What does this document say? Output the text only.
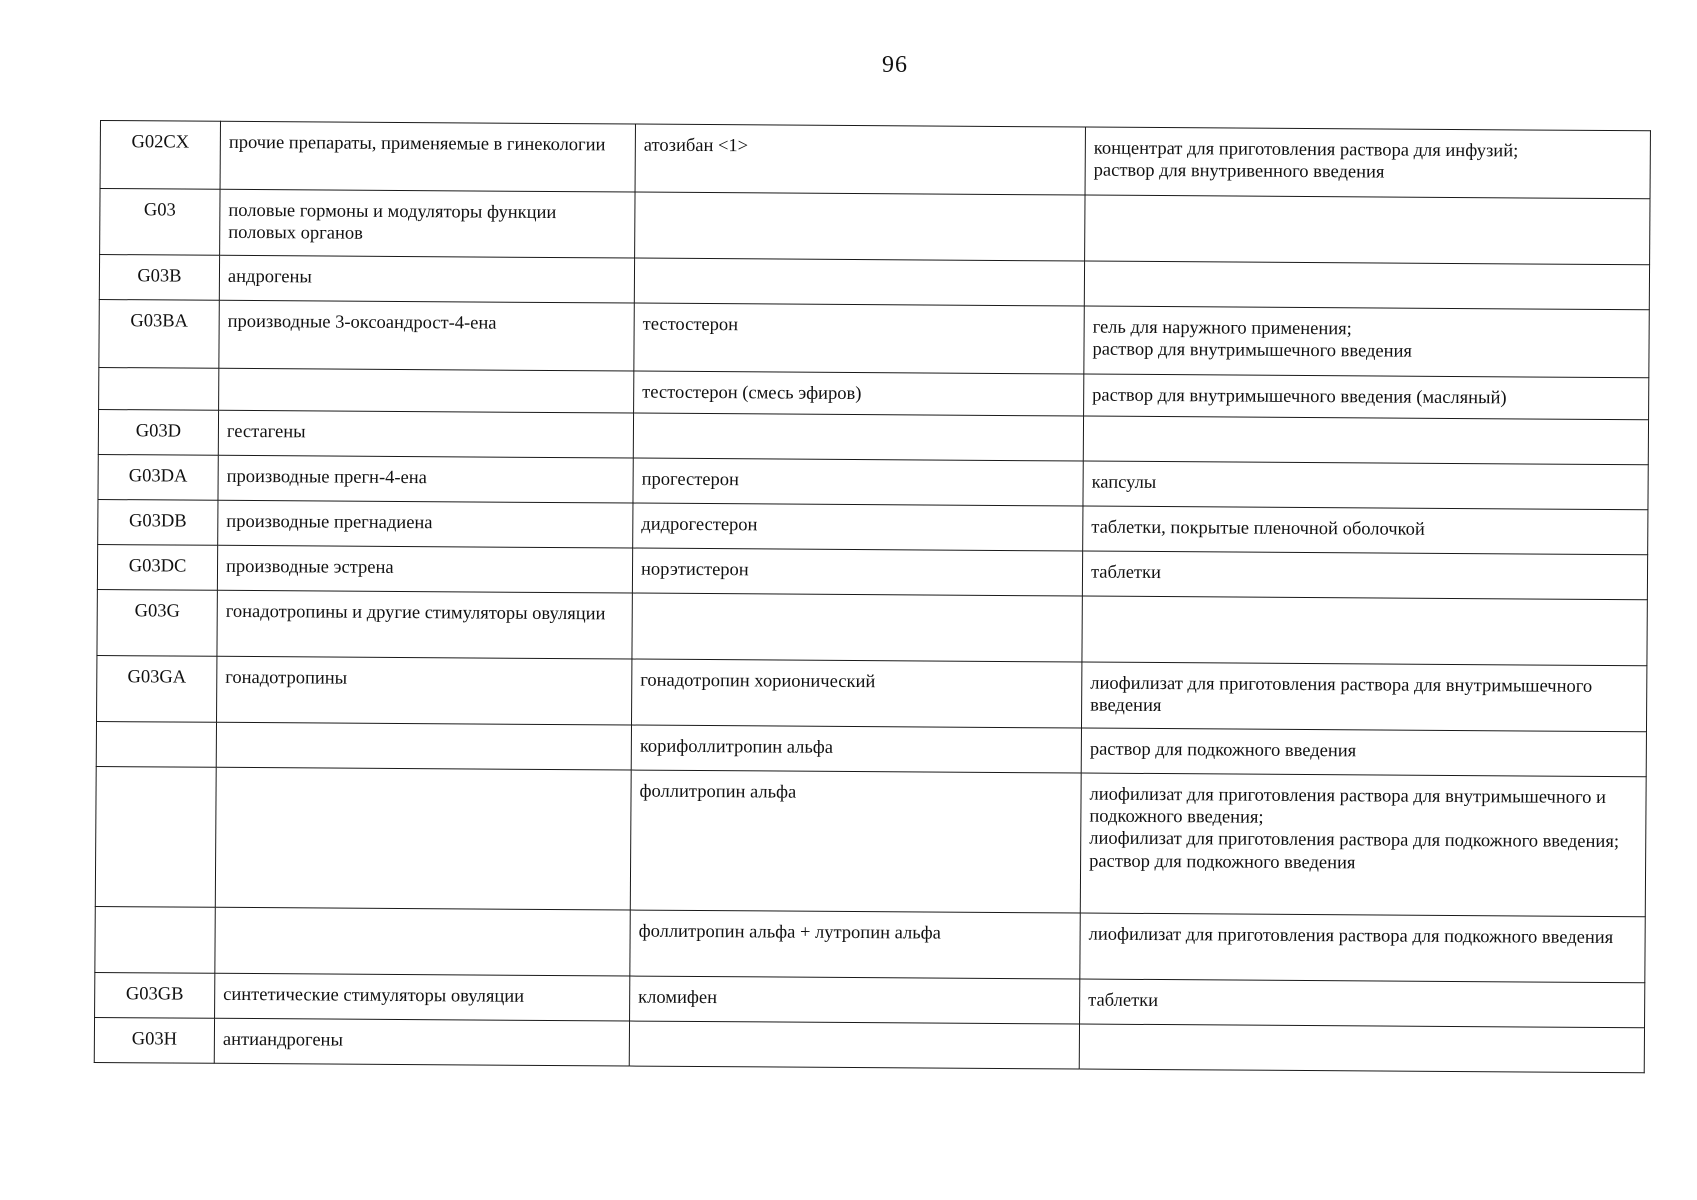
96
G02CX	прочие препараты, применяемые в гинекологии	атозибан <1>	концентрат для приготовления раствора для инфузий;
раствор для внутривенного введения

G03	половые гормоны и модуляторы функции половых органов		
G03B	андрогены		
G03BA	производные 3-оксоандрост-4-ена	тестостерон	гель для наружного применения;
раствор для внутримышечного введения

		тестостерон (смесь эфиров)	раствор для внутримышечного введения (масляный)

G03D	гестагены		
G03DA	производные прегн-4-ена	прогестерон	капсулы

G03DB	производные прегнадиена	дидрогестерон	таблетки, покрытые пленочной оболочкой

G03DC	производные эстрена	норэтистерон	таблетки

G03G	гонадотропины и другие стимуляторы овуляции		
G03GA	гонадотропины	гонадотропин хорионический	лиофилизат для приготовления раствора для внутримышечного введения

		корифоллитропин альфа	раствор для подкожного введения

		фоллитропин альфа	лиофилизат для приготовления раствора для внутримышечного и подкожного введения;
лиофилизат для приготовления раствора для подкожного введения;
раствор для подкожного введения

		фоллитропин альфа + лутропин альфа	лиофилизат для приготовления раствора для подкожного введения

G03GB	синтетические стимуляторы овуляции	кломифен	таблетки

G03H	антиандрогены		
